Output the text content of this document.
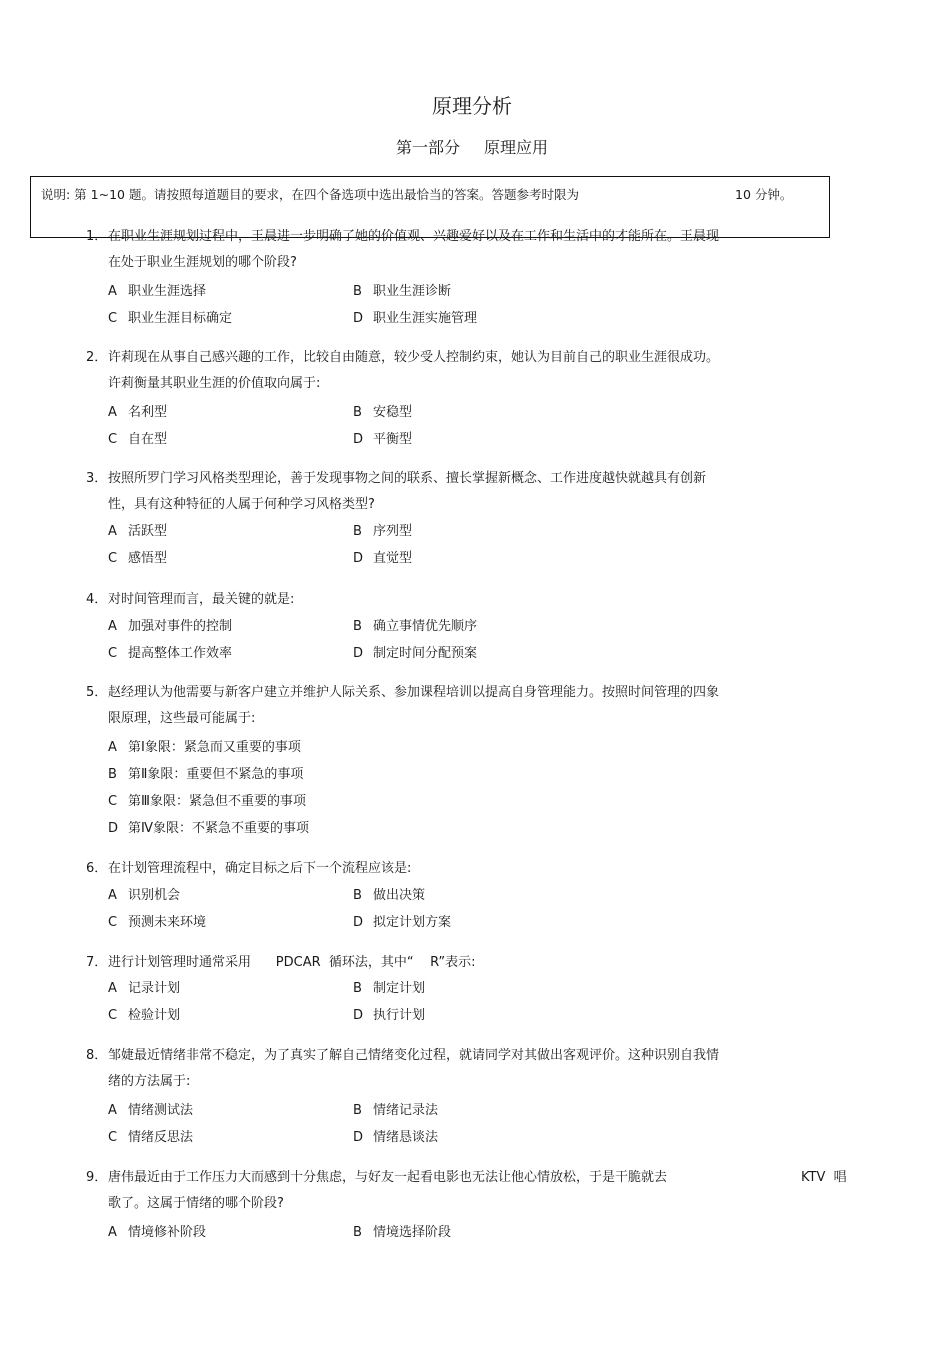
原理分析
第一部分 原理应用
说明: 第 1~10 题。请按照每道题目的要求，在四个备选项中选出最恰当的答案。答题参考时限为	10 分钟。
1． 在职业生涯规划过程中，王晨进一步明确了她的价值观、兴趣爱好以及在工作和生活中的才能所在。王晨现
在处于职业生涯规划的哪个阶段?
A 职业生涯选择	B 职业生涯诊断
C 职业生涯目标确定	D 职业生涯实施管理
2． 许莉现在从事自己感兴趣的工作，比较自由随意，较少受人控制约束，她认为目前自己的职业生涯很成功。
许莉衡量其职业生涯的价值取向属于:
A 名利型	B 安稳型
C 自在型	D 平衡型
3． 按照所罗门学习风格类型理论，善于发现事物之间的联系、擅长掌握新概念、工作进度越快就越具有创新
性，具有这种特征的人属于何种学习风格类型?
A 活跃型	B 序列型
C 感悟型	D 直觉型
4． 对时间管理而言，最关键的就是:
A 加强对事件的控制	B 确立事情优先顺序
C 提高整体工作效率	D 制定时间分配预案
5． 赵经理认为他需要与新客户建立并维护人际关系、参加课程培训以提高自身管理能力。按照时间管理的四象
限原理，这些最可能属于:
A 第Ⅰ象限：紧急而又重要的事项
B 第Ⅱ象限：重要但不紧急的事项
C 第Ⅲ象限：紧急但不重要的事项
D 第Ⅳ象限：不紧急不重要的事项
6． 在计划管理流程中，确定目标之后下一个流程应该是:
A 识别机会	B 做出决策
C 预测未来环境	D 拟定计划方案
7． 进行计划管理时通常采用      PDCAR  循环法，其中“    R”表示:
A 记录计划	B 制定计划
C 检验计划	D 执行计划
8． 邹婕最近情绪非常不稳定，为了真实了解自己情绪变化过程，就请同学对其做出客观评价。这种识别自我情
绪的方法属于:
A 情绪测试法	B 情绪记录法
C 情绪反思法	D 情绪恳谈法
9． 唐伟最近由于工作压力大而感到十分焦虑，与好友一起看电影也无法让他心情放松，于是干脆就去	KTV  唱
歌了。这属于情绪的哪个阶段?
A 情境修补阶段	B 情境选择阶段
